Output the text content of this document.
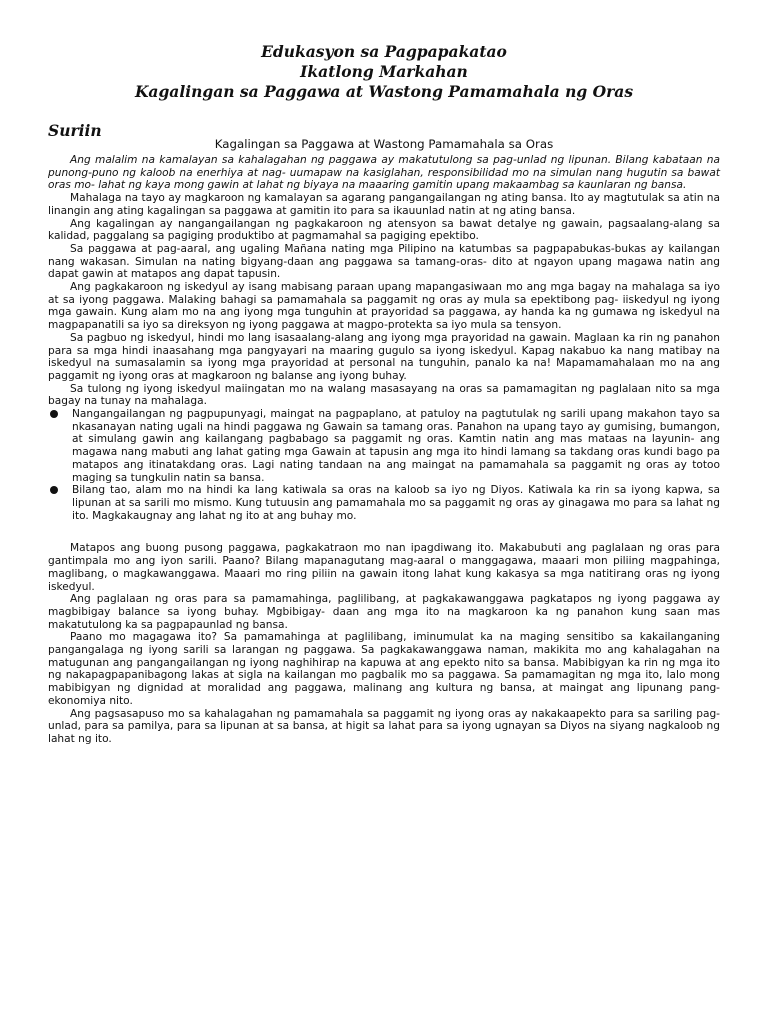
Edukasyon sa Pagpapakatao
Ikatlong Markahan
Kagalingan sa Paggawa at Wastong Pamamahala ng Oras
Suriin
Kagalingan sa Paggawa at Wastong Pamamahala sa Oras

Ang malalim na kamalayan sa kahalagahan ng paggawa ay makatutulong sa pag-unlad ng lipunan. Bilang kabataan na punong-puno ng kaloob na enerhiya at nag- uumapaw na kasiglahan, responsibilidad mo na simulan nang hugutin sa bawat oras mo- lahat ng kaya mong gawin at lahat ng biyaya na maaaring gamitin upang makaambag sa kaunlaran ng bansa.

Mahalaga na tayo ay magkaroon ng kamalayan sa agarang pangangailangan ng ating bansa. Ito ay magtutulak sa atin na linangin ang ating kagalingan sa paggawa at gamitin ito para sa ikauunlad natin at ng ating bansa.

Ang kagalingan ay nangangailangan ng pagkakaroon ng atensyon sa bawat detalye ng gawain, pagsaalang-alang sa kalidad, paggalang sa pagiging produktibo at pagmamahal sa pagiging epektibo.

Sa paggawa at pag-aaral, ang ugaling Mañana nating mga Pilipino na katumbas sa pagpapabukas-bukas ay kailangan nang wakasan. Simulan na nating bigyang-daan ang paggawa sa tamang-oras- dito at ngayon upang magawa natin ang dapat gawin at matapos ang dapat tapusin.

Ang pagkakaroon ng iskedyul ay isang mabisang paraan upang mapangasiwaan mo ang mga bagay na mahalaga sa iyo at sa iyong paggawa. Malaking bahagi sa pamamahala sa paggamit ng oras ay mula sa epektibong pag- iiskedyul ng iyong mga gawain. Kung alam mo na ang iyong mga tunguhin at prayoridad sa paggawa, ay handa ka ng gumawa ng iskedyul na magpapanatili sa iyo sa direksyon ng iyong paggawa at magpo-protekta sa iyo mula sa tensyon.

Sa pagbuo ng iskedyul, hindi mo lang isasaalang-alang ang iyong mga prayoridad na gawain. Maglaan ka rin ng panahon para sa mga hindi inaasahang mga pangyayari na maaring gugulo sa iyong iskedyul. Kapag nakabuo ka nang matibay na iskedyul na sumasalamin sa iyong mga prayoridad at personal na tunguhin, panalo ka na! Mapamamahalaan mo na ang paggamit ng iyong oras at magkaroon ng balanse ang iyong buhay.

Sa tulong ng iyong iskedyul maiingatan mo na walang masasayang na oras sa pamamagitan ng paglalaan nito sa mga bagay na tunay na mahalaga.

Nangangailangan ng pagpupunyagi, maingat na pagpaplano, at patuloy na pagtutulak ng sarili upang makahon tayo sa nkasanayan nating ugali na hindi paggawa ng Gawain sa tamang oras. Panahon na upang tayo ay gumising, bumangon, at simulang gawin ang kailangang pagbabago sa paggamit ng oras. Kamtin natin ang mas mataas na layunin- ang magawa nang mabuti ang lahat gating mga Gawain at tapusin ang mga ito hindi lamang sa takdang oras kundi bago pa matapos ang itinatakdang oras. Lagi nating tandaan na ang maingat na pamamahala sa paggamit ng oras ay totoo maging sa tungkulin natin sa bansa.
Bilang tao, alam mo na hindi ka lang katiwala sa oras na kaloob sa iyo ng Diyos. Katiwala ka rin sa iyong kapwa, sa lipunan at sa sarili mo mismo. Kung tutuusin ang pamamahala mo sa paggamit ng oras ay ginagawa mo para sa lahat ng ito. Magkakaugnay ang lahat ng ito at ang buhay mo.

Matapos ang buong pusong paggawa, pagkakatraon mo nan ipagdiwang ito. Makabubuti ang paglalaan ng oras para gantimpala mo ang iyon sarili. Paano? Bilang mapanagutang mag-aaral o manggagawa, maaari mon piliing magpahinga, maglibang, o magkawanggawa. Maaari mo ring piliin na gawain itong lahat kung kakasya sa mga natitirang oras ng iyong iskedyul.

Ang paglalaan ng oras para sa pamamahinga, paglilibang, at pagkakawanggawa pagkatapos ng iyong paggawa ay magbibigay balance sa iyong buhay. Mgbibigay- daan ang mga ito na magkaroon ka ng panahon kung saan mas makatutulong ka sa pagpapaunlad ng bansa.

Paano mo magagawa ito? Sa pamamahinga at paglilibang, iminumulat ka na maging sensitibo sa kakailanganing pangangalaga ng iyong sarili sa larangan ng paggawa. Sa pagkakawanggawa naman, makikita mo ang kahalagahan na matugunan ang pangangailangan ng iyong naghihirap na kapuwa at ang epekto nito sa bansa. Mabibigyan ka rin ng mga ito ng nakapagpapanibagong lakas at sigla na kailangan mo pagbalik mo sa paggawa. Sa pamamagitan ng mga ito, lalo mong mabibigyan ng dignidad at moralidad ang paggawa, malinang ang kultura ng bansa, at maingat ang lipunang pang-ekonomiya nito.

Ang pagsasapuso mo sa kahalagahan ng pamamahala sa paggamit ng iyong oras ay nakakaapekto para sa sariling pag-unlad, para sa pamilya, para sa lipunan at sa bansa, at higit sa lahat para sa iyong ugnayan sa Diyos na siyang nagkaloob ng lahat ng ito.
